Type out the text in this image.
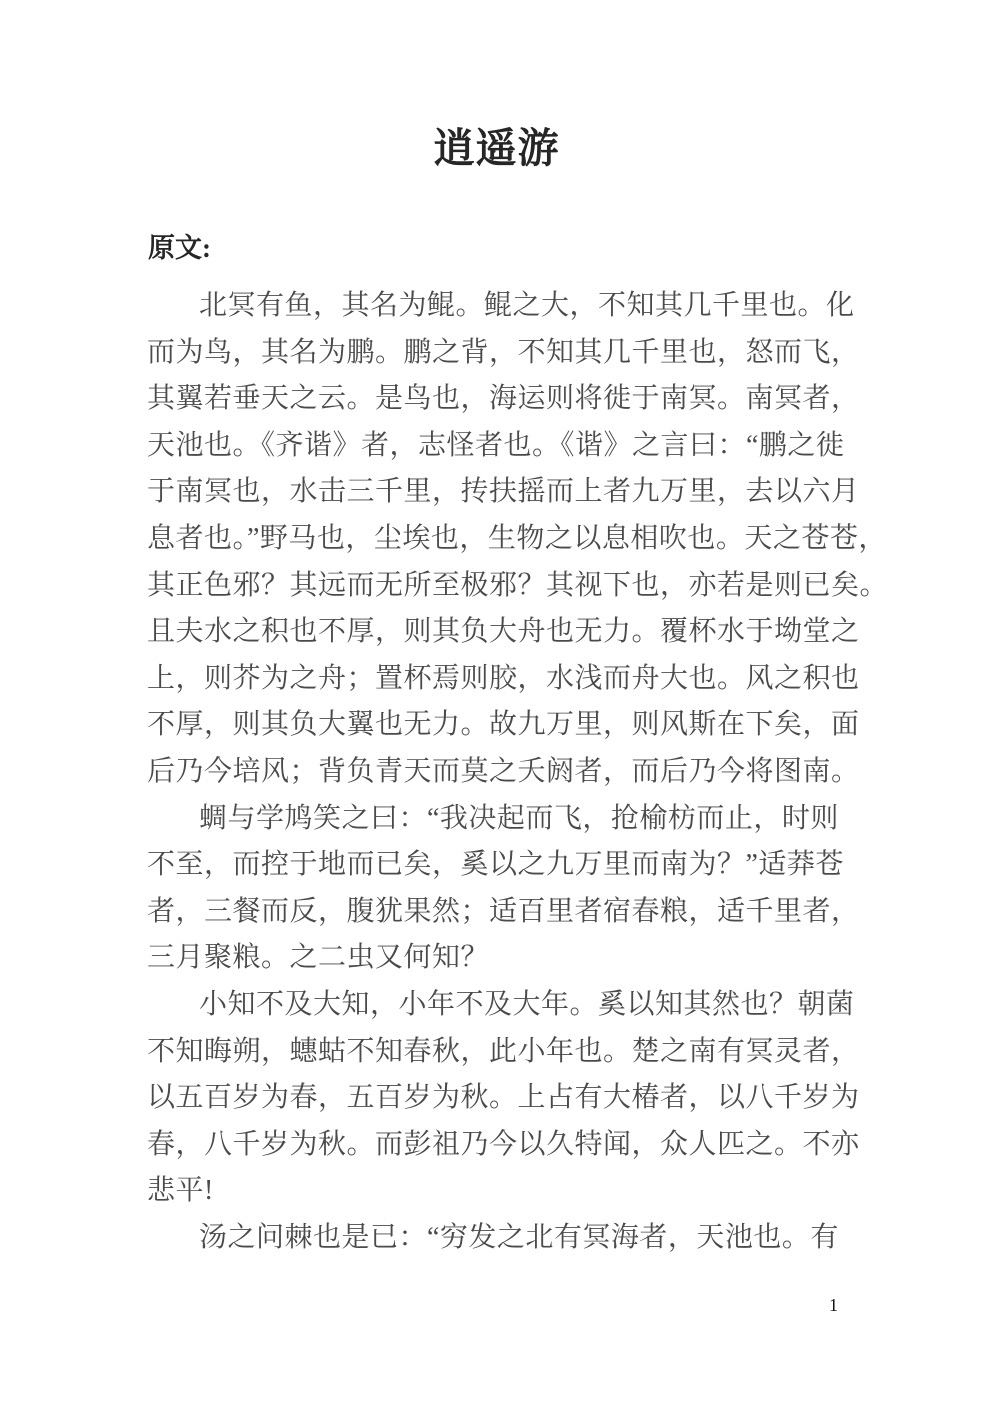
逍遥游
原文:
北冥有鱼，其名为鲲。鲲之大，不知其几千里也。化
而为鸟，其名为鹏。鹏之背，不知其几千里也，怒而飞，
其翼若垂天之云。是鸟也，海运则将徙于南冥。南冥者，
天池也。《齐谐》者，志怪者也。《谐》之言曰：“鹏之徙
于南冥也，水击三千里，抟扶摇而上者九万里，去以六月
息者也。”野马也，尘埃也，生物之以息相吹也。天之苍苍，
其正色邪？其远而无所至极邪？其视下也，亦若是则已矣。
且夫水之积也不厚，则其负大舟也无力。覆杯水于坳堂之
上，则芥为之舟；置杯焉则胶，水浅而舟大也。风之积也
不厚，则其负大翼也无力。故九万里，则风斯在下矣，面
后乃今培风；背负青天而莫之夭阏者，而后乃今将图南。
蜩与学鸠笑之曰：“我决起而飞，抢榆枋而止，时则
不至，而控于地而已矣，奚以之九万里而南为？”适莽苍
者，三餐而反，腹犹果然；适百里者宿春粮，适千里者，
三月聚粮。之二虫又何知？
小知不及大知，小年不及大年。奚以知其然也？朝菌
不知晦朔，蟪蛄不知春秋，此小年也。楚之南有冥灵者，
以五百岁为春，五百岁为秋。上占有大椿者，以八千岁为
春，八千岁为秋。而彭祖乃今以久特闻，众人匹之。不亦
悲平!
汤之问棘也是已：“穷发之北有冥海者，天池也。有
1
